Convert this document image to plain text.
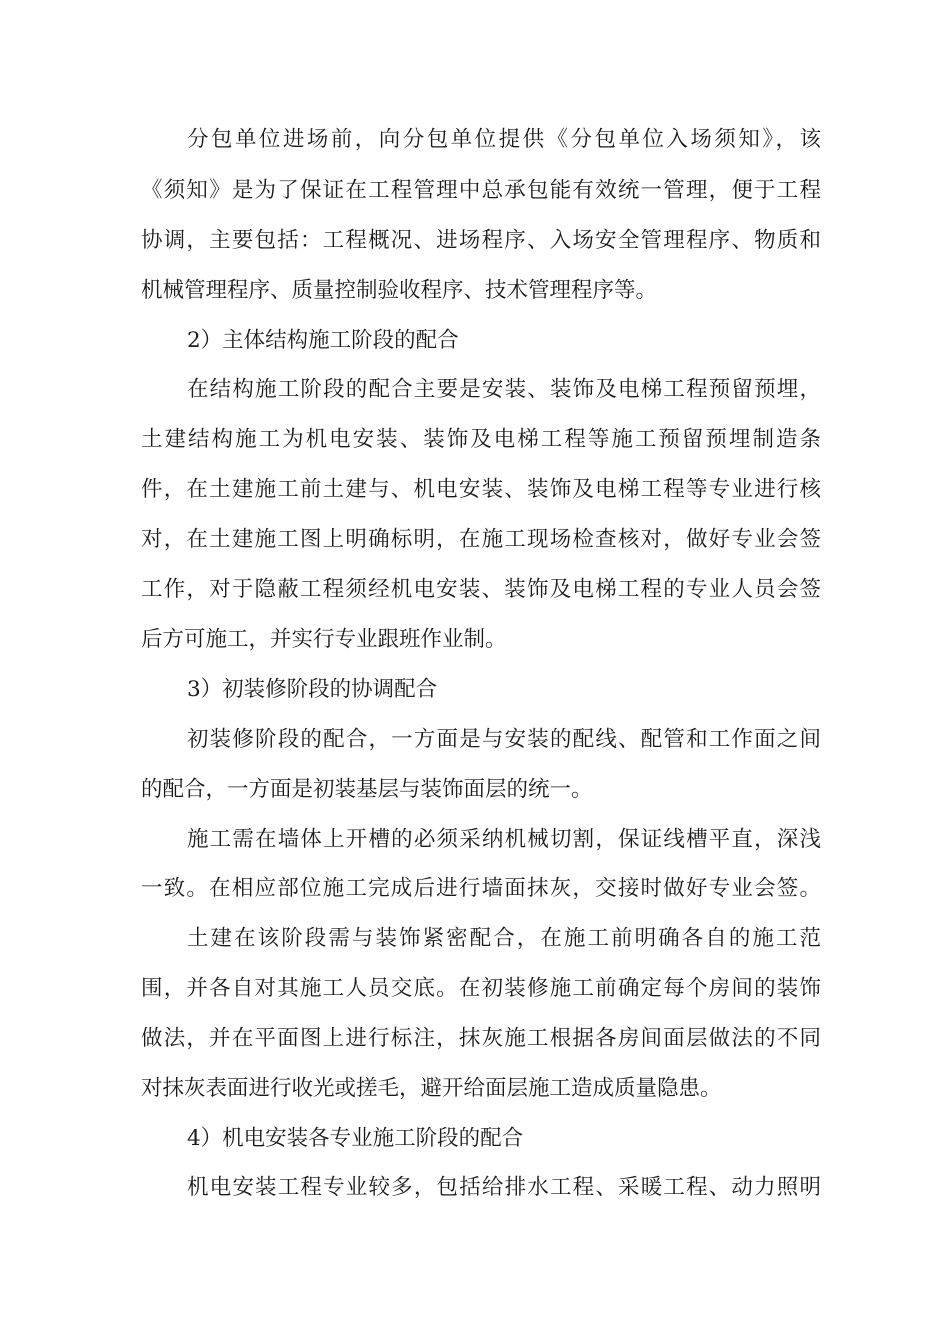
分包单位进场前，向分包单位提供《分包单位入场须知》，该
《须知》是为了保证在工程管理中总承包能有效统一管理，便于工程
协调，主要包括：工程概况、进场程序、入场安全管理程序、物质和
机械管理程序、质量控制验收程序、技术管理程序等。
2）主体结构施工阶段的配合
在结构施工阶段的配合主要是安装、装饰及电梯工程预留预埋，
土建结构施工为机电安装、装饰及电梯工程等施工预留预埋制造条
件，在土建施工前土建与、机电安装、装饰及电梯工程等专业进行核
对，在土建施工图上明确标明，在施工现场检查核对，做好专业会签
工作，对于隐蔽工程须经机电安装、装饰及电梯工程的专业人员会签
后方可施工，并实行专业跟班作业制。
3）初装修阶段的协调配合
初装修阶段的配合，一方面是与安装的配线、配管和工作面之间
的配合，一方面是初装基层与装饰面层的统一。
施工需在墙体上开槽的必须采纳机械切割，保证线槽平直，深浅
一致。在相应部位施工完成后进行墙面抹灰，交接时做好专业会签。
土建在该阶段需与装饰紧密配合，在施工前明确各自的施工范
围，并各自对其施工人员交底。在初装修施工前确定每个房间的装饰
做法，并在平面图上进行标注，抹灰施工根据各房间面层做法的不同
对抹灰表面进行收光或搓毛，避开给面层施工造成质量隐患。
4）机电安装各专业施工阶段的配合
机电安装工程专业较多，包括给排水工程、采暖工程、动力照明
